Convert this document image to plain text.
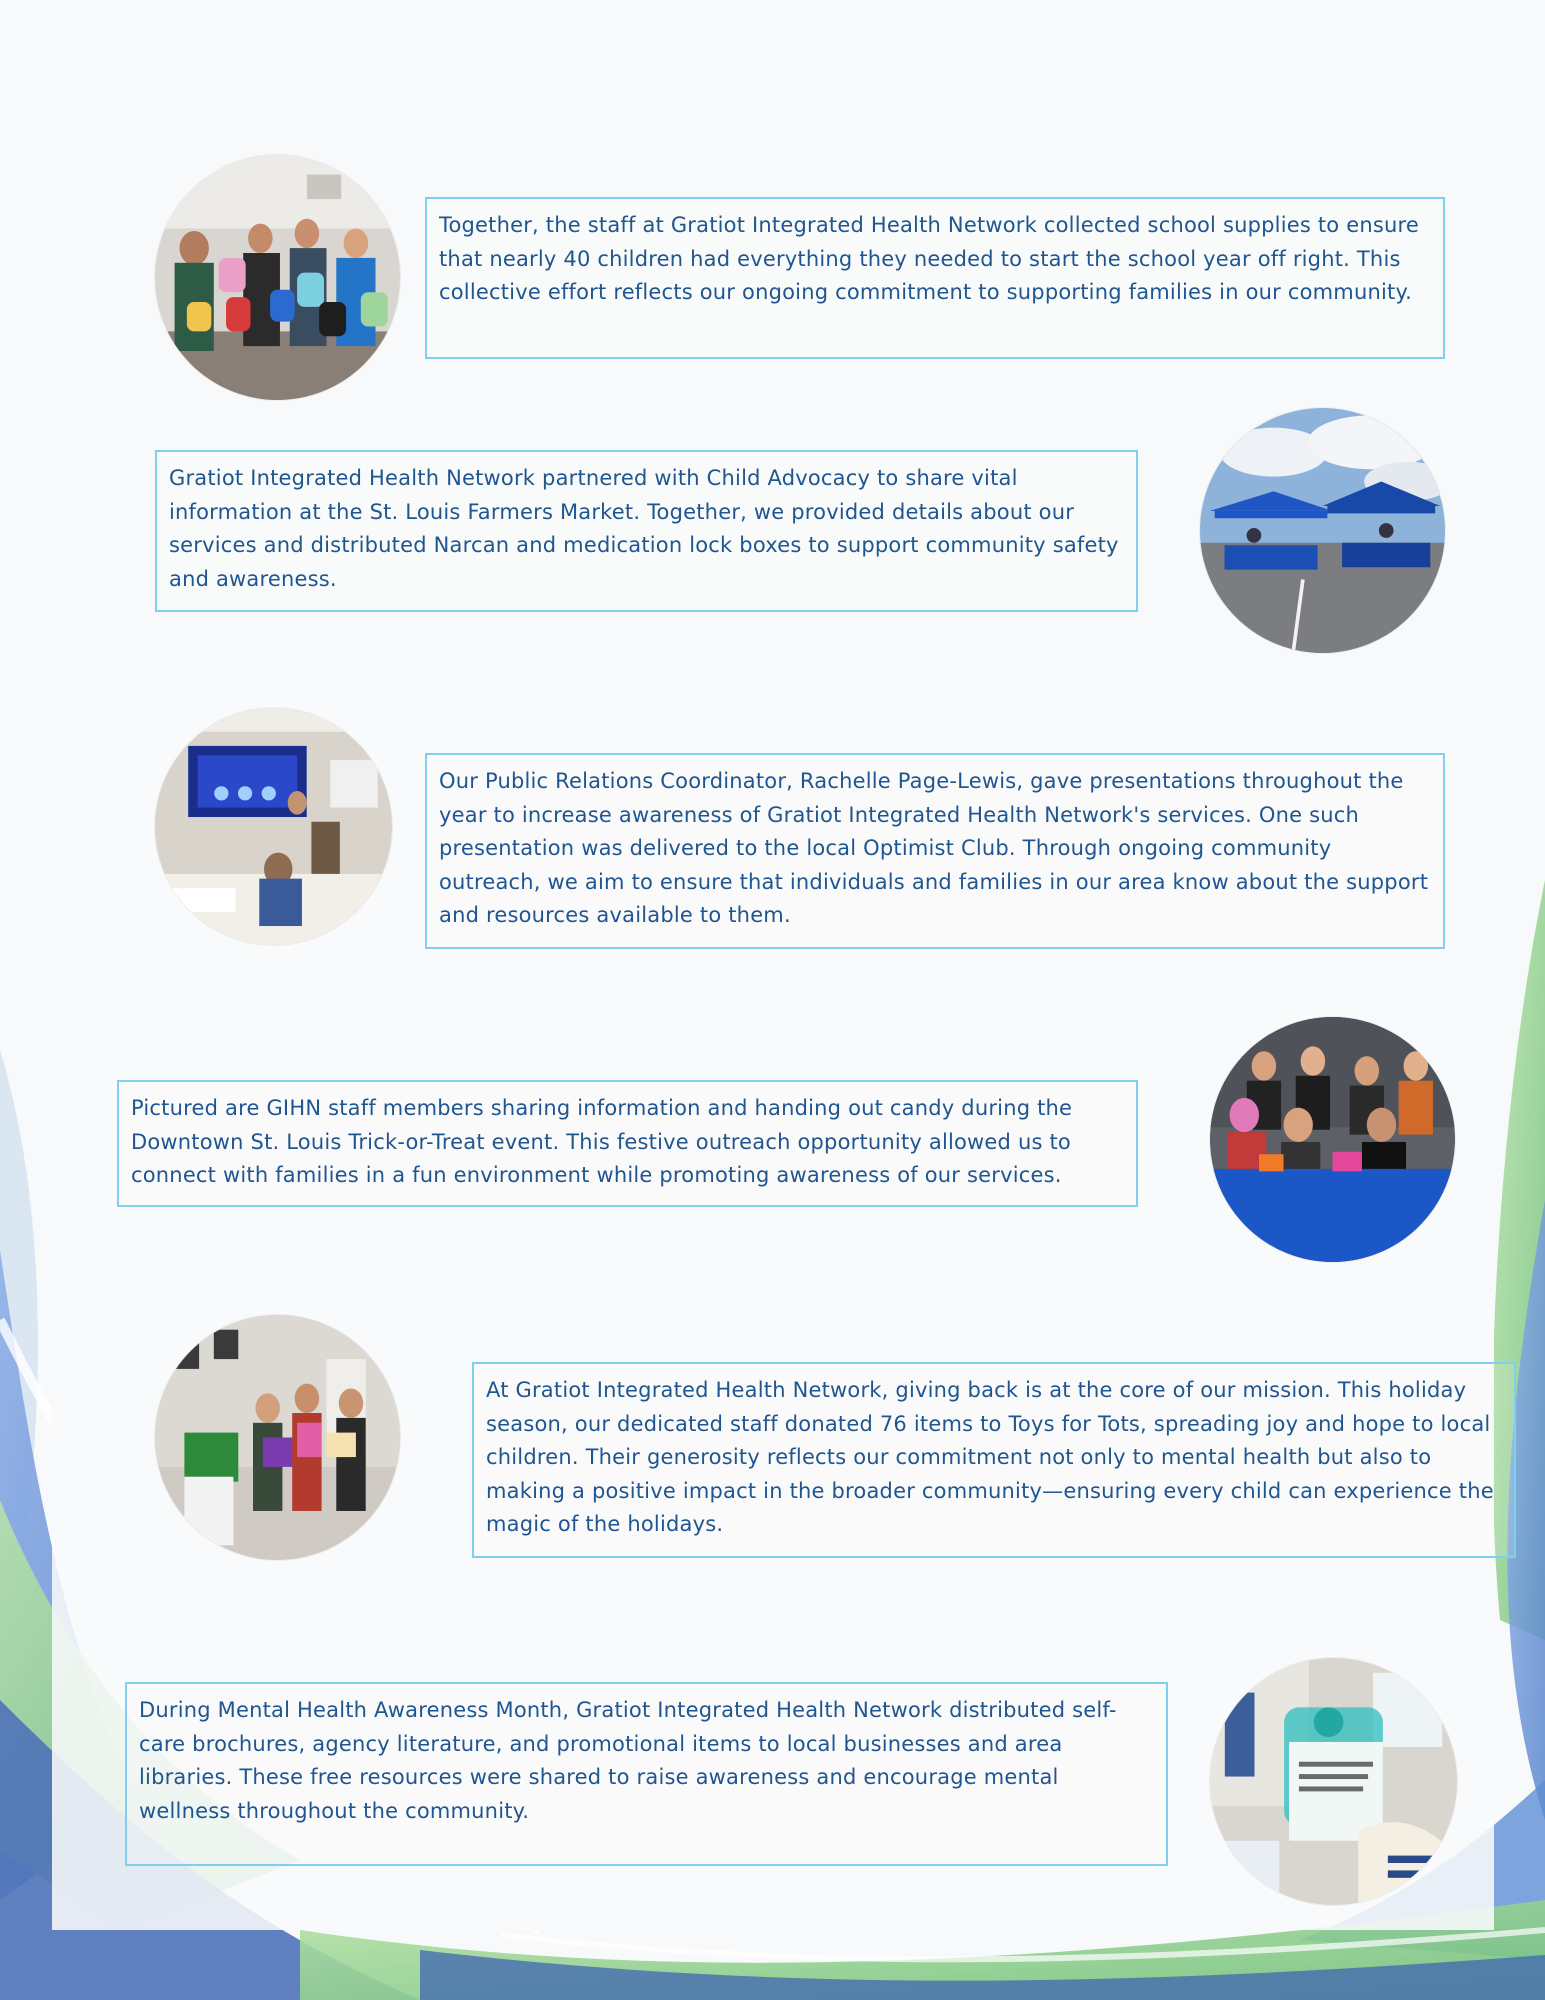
Together, the staff at Gratiot Integrated Health Network collected school supplies to ensure that nearly 40 children had everything they needed to start the school year off right. This collective effort reflects our ongoing commitment to supporting families in our community.
Gratiot Integrated Health Network partnered with Child Advocacy to share vital information at the St. Louis Farmers Market. Together, we provided details about our services and distributed Narcan and medication lock boxes to support community safety and awareness.
Our Public Relations Coordinator, Rachelle Page-Lewis, gave presentations throughout the year to increase awareness of Gratiot Integrated Health Network's services. One such presentation was delivered to the local Optimist Club. Through ongoing community outreach, we aim to ensure that individuals and families in our area know about the support and resources available to them.
Pictured are GIHN staff members sharing information and handing out candy during the Downtown St. Louis Trick-or-Treat event. This festive outreach opportunity allowed us to connect with families in a fun environment while promoting awareness of our services.
At Gratiot Integrated Health Network, giving back is at the core of our mission. This holiday season, our dedicated staff donated 76 items to Toys for Tots, spreading joy and hope to local children. Their generosity reflects our commitment not only to mental health but also to making a positive impact in the broader community—ensuring every child can experience the magic of the holidays.
During Mental Health Awareness Month, Gratiot Integrated Health Network distributed self-care brochures, agency literature, and promotional items to local businesses and area libraries. These free resources were shared to raise awareness and encourage mental wellness throughout the community.
